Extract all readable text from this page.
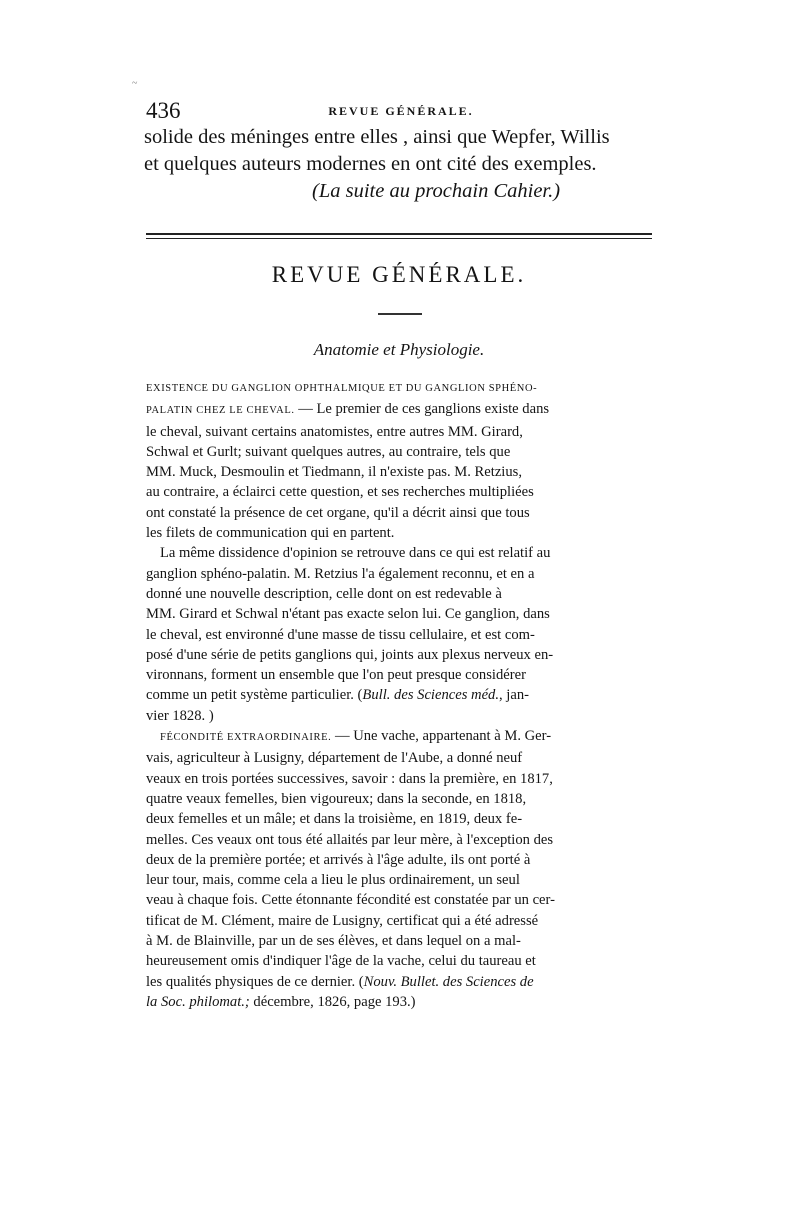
~
436	REVUE GÉNÉRALE.
solide des méninges entre elles , ainsi que Wepfer, Willis
et quelques auteurs modernes en ont cité des exemples.
(La suite au prochain Cahier.)
REVUE GÉNÉRALE.
Anatomie et Physiologie.
EXISTENCE DU GANGLION OPHTHALMIQUE ET DU GANGLION SPHÉNO-
PALATIN CHEZ LE CHEVAL. — Le premier de ces ganglions existe dans
le cheval, suivant certains anatomistes, entre autres MM. Girard,
Schwal et Gurlt; suivant quelques autres, au contraire, tels que
MM. Muck, Desmoulin et Tiedmann, il n'existe pas. M. Retzius,
au contraire, a éclairci cette question, et ses recherches multipliées
ont constaté la présence de cet organe, qu'il a décrit ainsi que tous
les filets de communication qui en partent.
La même dissidence d'opinion se retrouve dans ce qui est relatif au
ganglion sphéno-palatin. M. Retzius l'a également reconnu, et en a
donné une nouvelle description, celle dont on est redevable à
MM. Girard et Schwal n'étant pas exacte selon lui. Ce ganglion, dans
le cheval, est environné d'une masse de tissu cellulaire, et est com-
posé d'une série de petits ganglions qui, joints aux plexus nerveux en-
vironnans, forment un ensemble que l'on peut presque considérer
comme un petit système particulier. (Bull. des Sciences méd., jan-
vier 1828. )
FÉCONDITÉ EXTRAORDINAIRE. — Une vache, appartenant à M. Ger-
vais, agriculteur à Lusigny, département de l'Aube, a donné neuf
veaux en trois portées successives, savoir : dans la première, en 1817,
quatre veaux femelles, bien vigoureux; dans la seconde, en 1818,
deux femelles et un mâle; et dans la troisième, en 1819, deux fe-
melles. Ces veaux ont tous été allaités par leur mère, à l'exception des
deux de la première portée; et arrivés à l'âge adulte, ils ont porté à
leur tour, mais, comme cela a lieu le plus ordinairement, un seul
veau à chaque fois. Cette étonnante fécondité est constatée par un cer-
tificat de M. Clément, maire de Lusigny, certificat qui a été adressé
à M. de Blainville, par un de ses élèves, et dans lequel on a mal-
heureusement omis d'indiquer l'âge de la vache, celui du taureau et
les qualités physiques de ce dernier. (Nouv. Bullet. des Sciences de
la Soc. philomat.; décembre, 1826, page 193.)
